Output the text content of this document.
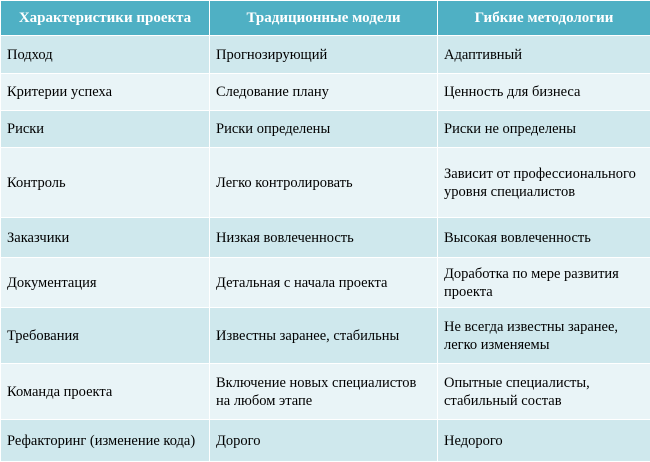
Характеристики проекта	Традиционные модели	Гибкие методологии
Подход	Прогнозирующий	Адаптивный
Критерии успеха	Следование плану	Ценность для бизнеса
Риски	Риски определены	Риски не определены
Контроль	Легко контролировать	Зависит от профессионального уровня специалистов
Заказчики	Низкая вовлеченность	Высокая вовлеченность
Документация	Детальная с начала проекта	Доработка по мере развития проекта
Требования	Известны заранее, стабильны	Не всегда известны заранее, легко изменяемы
Команда проекта	Включение новых специалистов на любом этапе	Опытные специалисты, стабильный состав
Рефакторинг (изменение кода)	Дорого	Недорого
